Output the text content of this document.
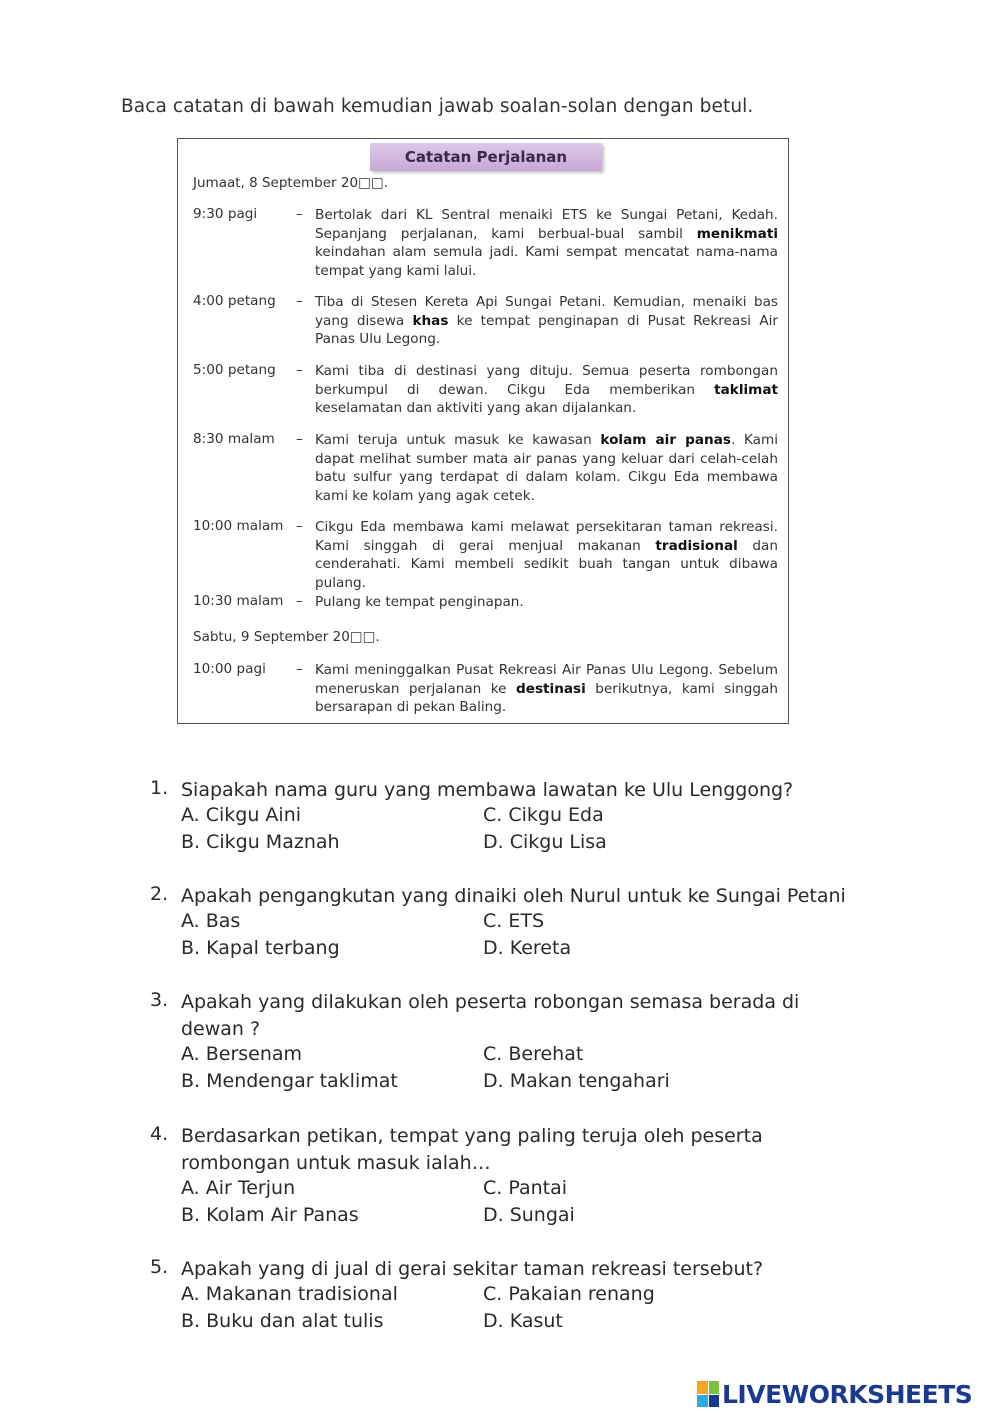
Baca catatan di bawah kemudian jawab soalan-solan dengan betul.
Catatan Perjalanan
Jumaat, 8 September 20□□.
9:30 pagi	– Bertolak dari KL Sentral menaiki ETS ke Sungai Petani, Kedah. Sepanjang perjalanan, kami berbual-bual sambil menikmati keindahan alam semula jadi. Kami sempat mencatat nama-nama tempat yang kami lalui.
4:00 petang – Tiba di Stesen Kereta Api Sungai Petani. Kemudian, menaiki bas yang disewa khas ke tempat penginapan di Pusat Rekreasi Air Panas Ulu Legong.
5:00 petang – Kami tiba di destinasi yang dituju. Semua peserta rombongan berkumpul di dewan. Cikgu Eda memberikan taklimat keselamatan dan aktiviti yang akan dijalankan.
8:30 malam – Kami teruja untuk masuk ke kawasan kolam air panas. Kami dapat melihat sumber mata air panas yang keluar dari celah-celah batu sulfur yang terdapat di dalam kolam. Cikgu Eda membawa kami ke kolam yang agak cetek.
10:00 malam – Cikgu Eda membawa kami melawat persekitaran taman rekreasi. Kami singgah di gerai menjual makanan tradisional dan cenderahati. Kami membeli sedikit buah tangan untuk dibawa pulang.
10:30 malam – Pulang ke tempat penginapan.
Sabtu, 9 September 20□□.
10:00 pagi – Kami meninggalkan Pusat Rekreasi Air Panas Ulu Legong. Sebelum meneruskan perjalanan ke destinasi berikutnya, kami singgah bersarapan di pekan Baling.
1. Siapakah nama guru yang membawa lawatan ke Ulu Lenggong?
A. Cikgu Aini	C. Cikgu Eda
B. Cikgu Maznah	D. Cikgu Lisa
2. Apakah pengangkutan yang dinaiki oleh Nurul untuk ke Sungai Petani
A. Bas	C. ETS
B. Kapal terbang	D. Kereta
3. Apakah yang dilakukan oleh peserta robongan semasa berada di dewan ?
A. Bersenam	C. Berehat
B. Mendengar taklimat	D. Makan tengahari
4. Berdasarkan petikan, tempat yang paling teruja oleh peserta rombongan untuk masuk ialah…
A. Air Terjun	C. Pantai
B. Kolam Air Panas	D. Sungai
5. Apakah yang di jual di gerai sekitar taman rekreasi tersebut?
A. Makanan tradisional	C. Pakaian renang
B. Buku dan alat tulis	D. Kasut
LIVEWORKSHEETS
